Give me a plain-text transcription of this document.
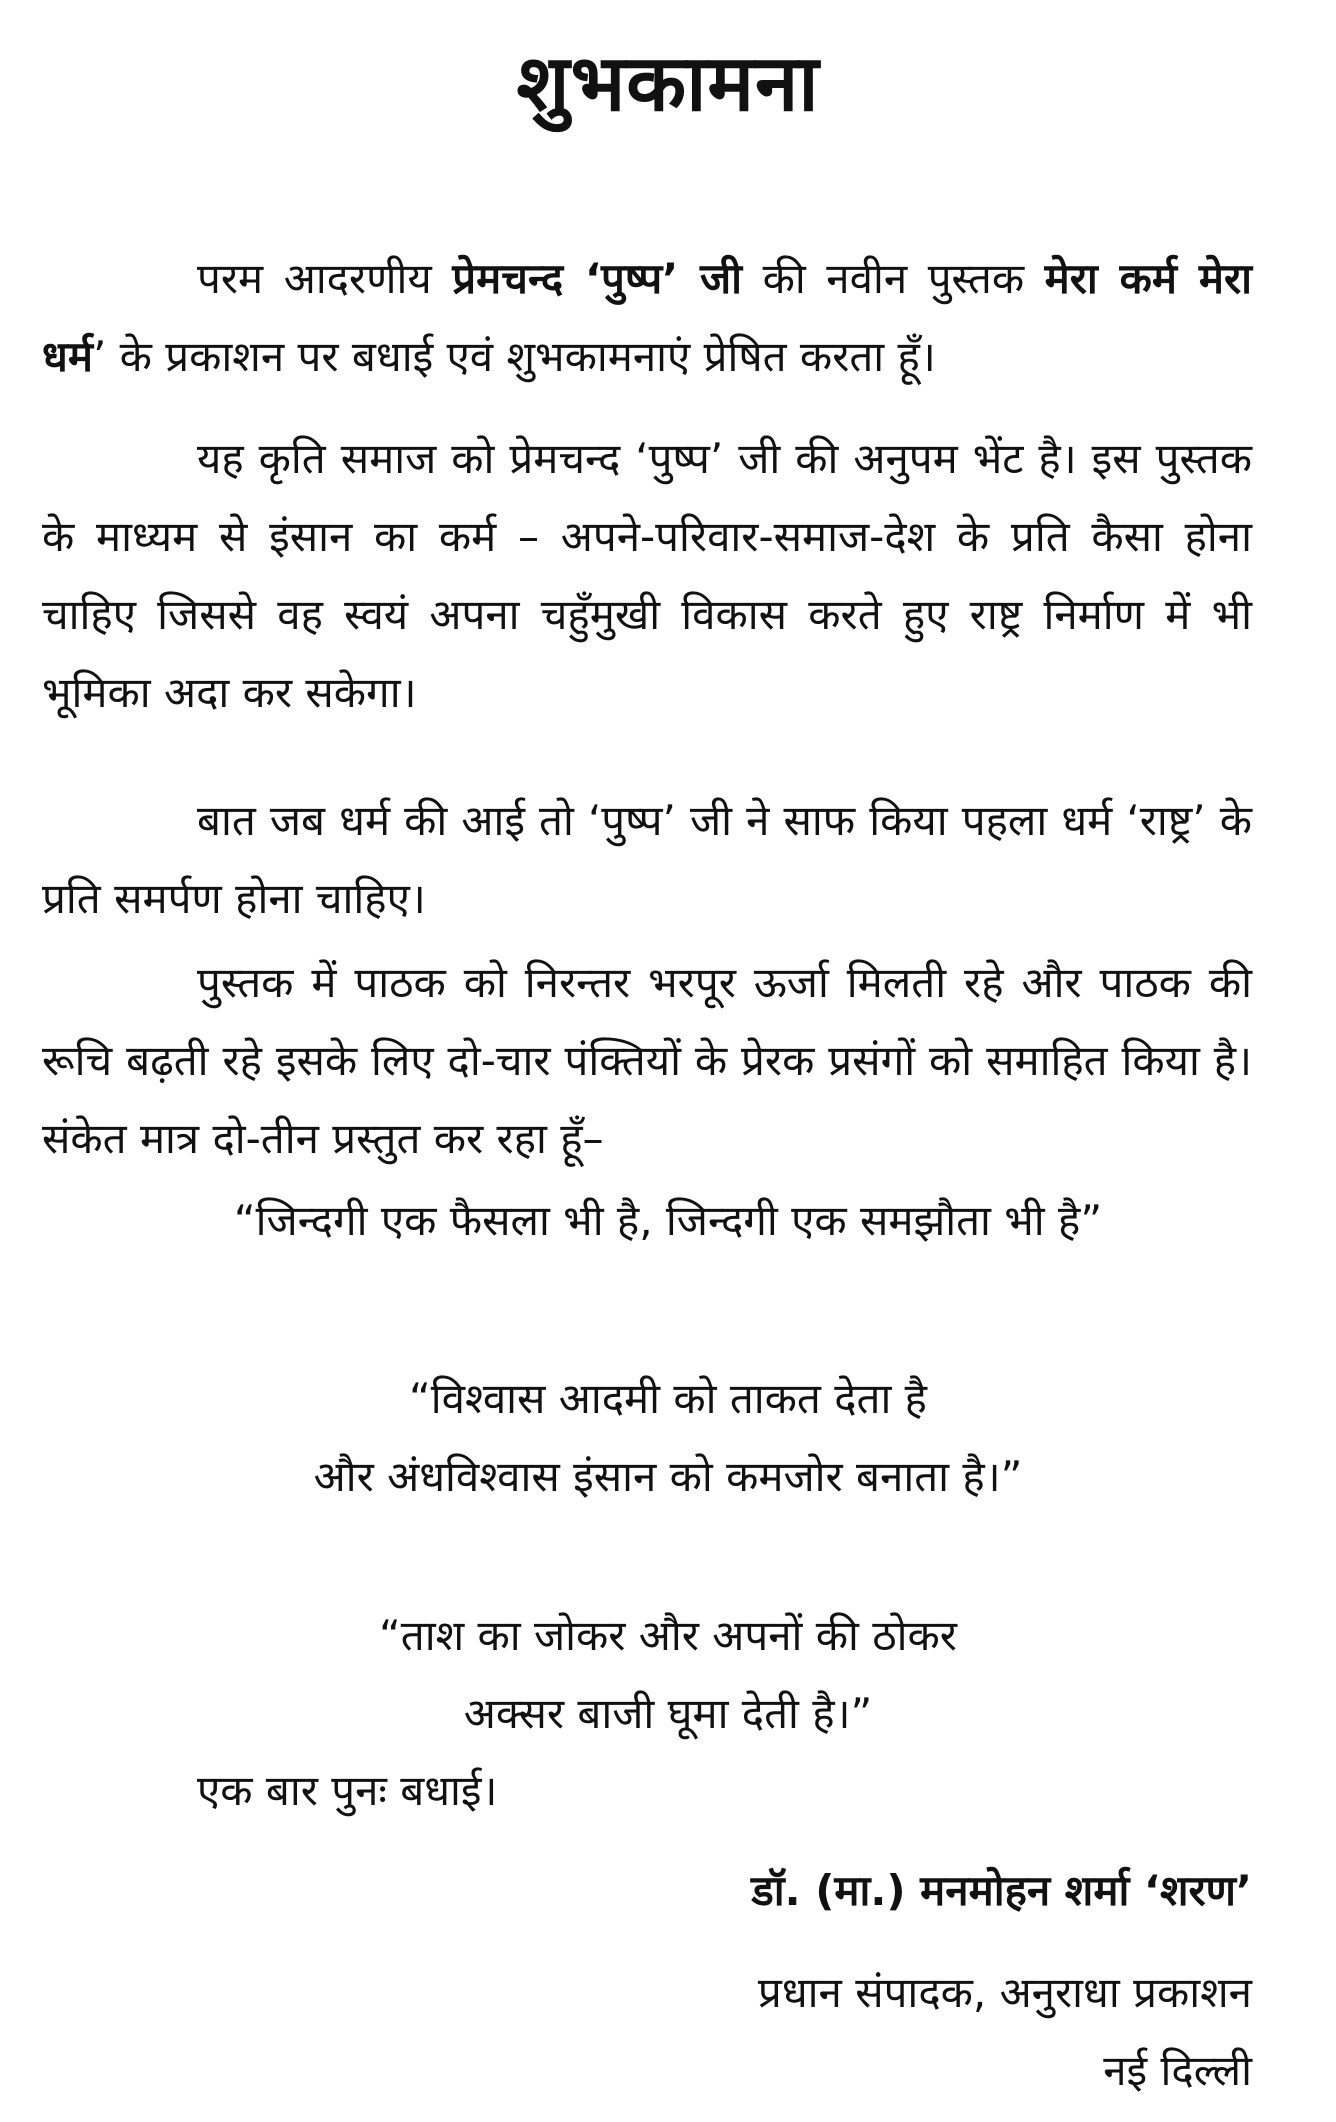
शुभकामना

परम आदरणीय प्रेमचन्द ‘पुष्प’ जी की नवीन पुस्तक मेरा कर्म मेरा धर्म’ के प्रकाशन पर बधाई एवं शुभकामनाएं प्रेषित करता हूँ।

यह कृति समाज को प्रेमचन्द ‘पुष्प’ जी की अनुपम भेंट है। इस पुस्तक के माध्यम से इंसान का कर्म – अपने-परिवार-समाज-देश के प्रति कैसा होना चाहिए जिससे वह स्वयं अपना चहुँमुखी विकास करते हुए राष्ट्र निर्माण में भी भूमिका अदा कर सकेगा।

बात जब धर्म की आई तो ‘पुष्प’ जी ने साफ किया पहला धर्म ‘राष्ट्र’ के प्रति समर्पण होना चाहिए।

पुस्तक में पाठक को निरन्तर भरपूर ऊर्जा मिलती रहे और पाठक की रूचि बढ़ती रहे इसके लिए दो-चार पंक्तियों के प्रेरक प्रसंगों को समाहित किया है। संकेत मात्र दो-तीन प्रस्तुत कर रहा हूँ–

“जिन्दगी एक फैसला भी है, जिन्दगी एक समझौता भी है”
“विश्वास आदमी को ताकत देता है
और अंधविश्वास इंसान को कमजोर बनाता है।”
“ताश का जोकर और अपनों की ठोकर
अक्सर बाजी घूमा देती है।”
एक बार पुनः बधाई।
डॉ. (मा.) मनमोहन शर्मा ‘शरण’
प्रधान संपादक, अनुराधा प्रकाशन
नई दिल्ली
